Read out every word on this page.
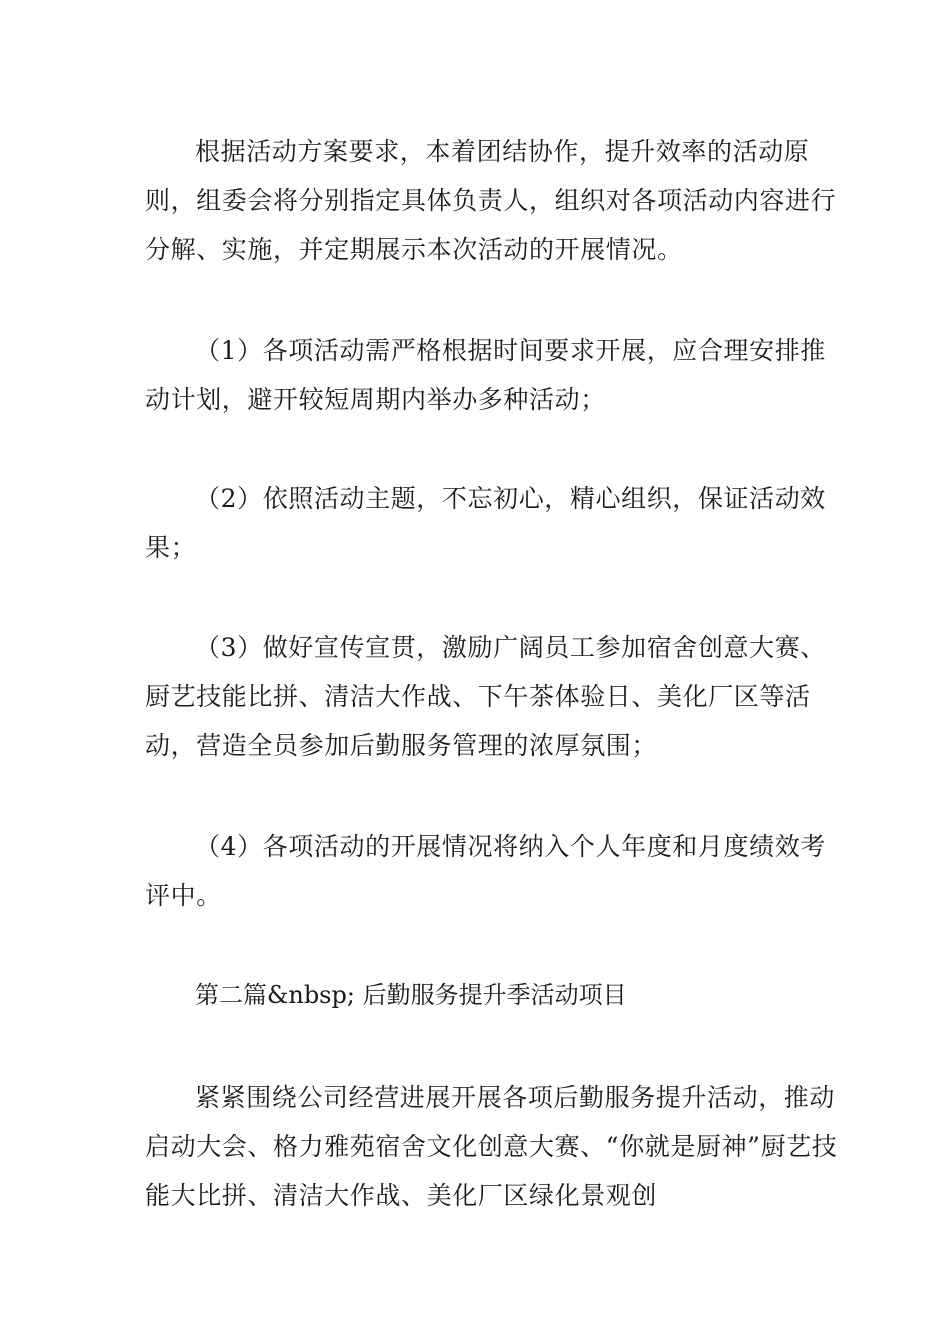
根据活动方案要求，本着团结协作，提升效率的活动原则，组委会将分别指定具体负责人，组织对各项活动内容进行分解、实施，并定期展示本次活动的开展情况。

（1）各项活动需严格根据时间要求开展，应合理安排推动计划，避开较短周期内举办多种活动；

（2）依照活动主题，不忘初心，精心组织，保证活动效果；

（3）做好宣传宣贯，激励广阔员工参加宿舍创意大赛、厨艺技能比拼、清洁大作战、下午茶体验日、美化厂区等活动，营造全员参加后勤服务管理的浓厚氛围；

（4）各项活动的开展情况将纳入个人年度和月度绩效考评中。

第二篇&nbsp; 后勤服务提升季活动项目

紧紧围绕公司经营进展开展各项后勤服务提升活动，推动启动大会、格力雅苑宿舍文化创意大赛、“你就是厨神”厨艺技能大比拼、清洁大作战、美化厂区绿化景观创
